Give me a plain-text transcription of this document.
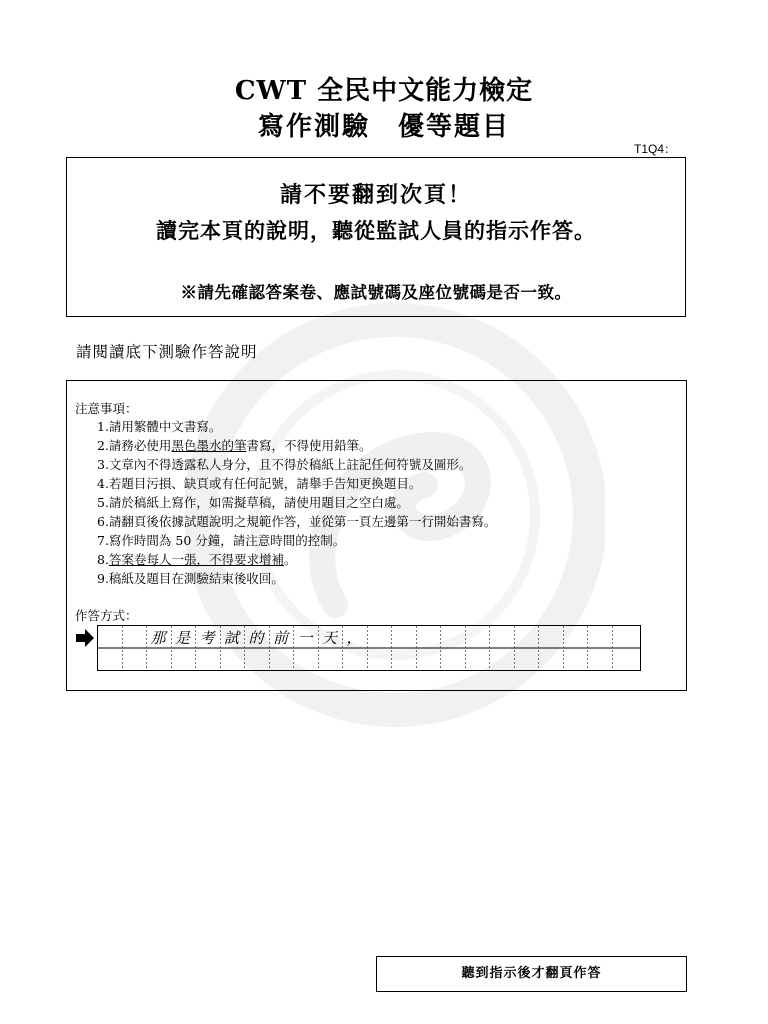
CWT 全民中文能力檢定
寫作測驗　優等題目
T1Q4：
請不要翻到次頁！
讀完本頁的說明，聽從監試人員的指示作答。
※請先確認答案卷、應試號碼及座位號碼是否一致。
請閱讀底下測驗作答說明
注意事項：
1.請用繁體中文書寫。
2.請務必使用黑色墨水的筆書寫，不得使用鉛筆。
3.文章內不得透露私人身分，且不得於稿紙上註記任何符號及圖形。
4.若題目污損、缺頁或有任何記號，請舉手告知更換題目。
5.請於稿紙上寫作，如需擬草稿，請使用題目之空白處。
6.請翻頁後依據試題說明之規範作答，並從第一頁左邊第一行開始書寫。
7.寫作時間為 50 分鐘，請注意時間的控制。
8.答案卷每人一張，不得要求增補。
9.稿紙及題目在測驗結束後收回。
作答方式：
那 是 考 試 的 前 一 天 ，
聽到指示後才翻頁作答
